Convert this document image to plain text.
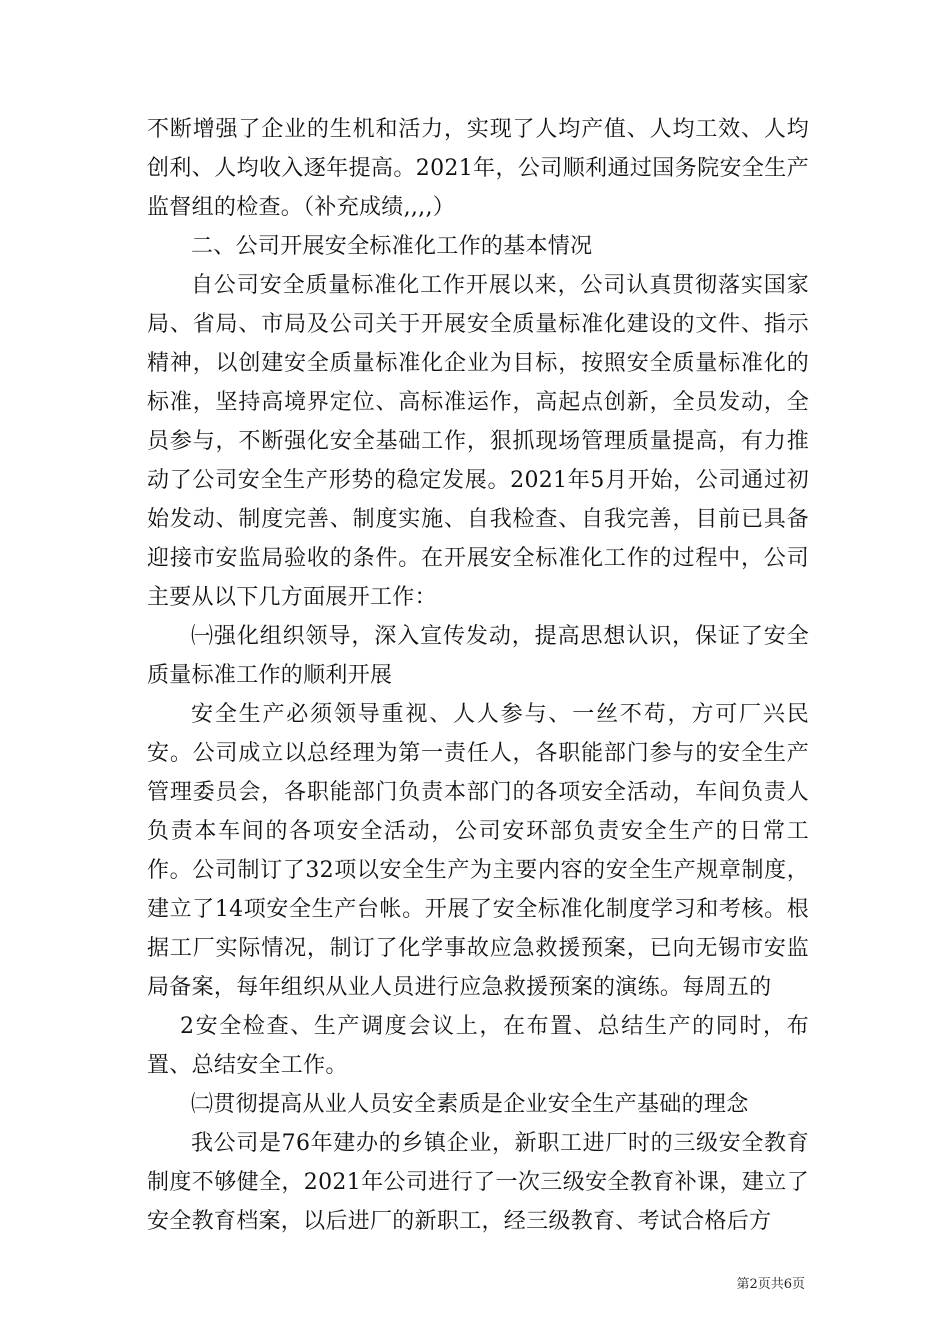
不断增强了企业的生机和活力，实现了人均产值、人均工效、人均创利、人均收入逐年提高。2021年，公司顺利通过国务院安全生产监督组的检查。（补充成绩,,,,）

二、公司开展安全标准化工作的基本情况

自公司安全质量标准化工作开展以来，公司认真贯彻落实国家局、省局、市局及公司关于开展安全质量标准化建设的文件、指示精神，以创建安全质量标准化企业为目标，按照安全质量标准化的标准，坚持高境界定位、高标准运作，高起点创新，全员发动，全员参与，不断强化安全基础工作，狠抓现场管理质量提高，有力推动了公司安全生产形势的稳定发展。2021年5月开始，公司通过初始发动、制度完善、制度实施、自我检查、自我完善，目前已具备迎接市安监局验收的条件。在开展安全标准化工作的过程中，公司主要从以下几方面展开工作：

㈠强化组织领导，深入宣传发动，提高思想认识，保证了安全质量标准工作的顺利开展

安全生产必须领导重视、人人参与、一丝不苟，方可厂兴民安。公司成立以总经理为第一责任人，各职能部门参与的安全生产管理委员会，各职能部门负责本部门的各项安全活动，车间负责人负责本车间的各项安全活动，公司安环部负责安全生产的日常工作。公司制订了32项以安全生产为主要内容的安全生产规章制度，建立了14项安全生产台帐。开展了安全标准化制度学习和考核。根据工厂实际情况，制订了化学事故应急救援预案，已向无锡市安监局备案，每年组织从业人员进行应急救援预案的演练。每周五的

2安全检查、生产调度会议上，在布置、总结生产的同时，布置、总结安全工作。

㈡贯彻提高从业人员安全素质是企业安全生产基础的理念

我公司是76年建办的乡镇企业，新职工进厂时的三级安全教育制度不够健全，2021年公司进行了一次三级安全教育补课，建立了安全教育档案，以后进厂的新职工，经三级教育、考试合格后方

第2页共6页
